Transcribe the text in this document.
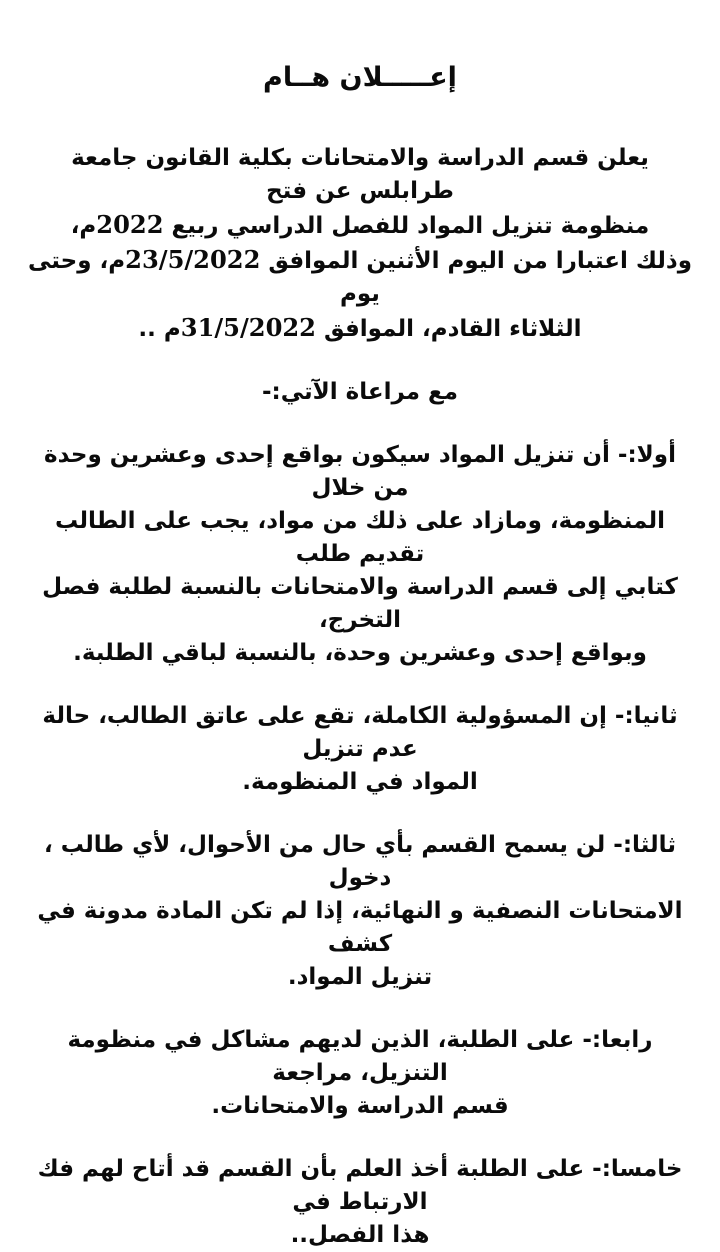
إعـــــلان هــام

يعلن قسم الدراسة والامتحانات بكلية القانون جامعة طرابلس عن فتح
منظومة تنزيل المواد للفصل الدراسي ربيع 2022م،
وذلك اعتبارا من اليوم الأثنين الموافق 23/5/2022م، وحتى يوم
الثلاثاء القادم، الموافق 31/5/2022م ..

مع مراعاة الآتي:-

أولا:- أن تنزيل المواد سيكون بواقع إحدى وعشرين وحدة من خلال
المنظومة، ومازاد على ذلك من مواد، يجب على الطالب تقديم طلب
كتابي إلى قسم الدراسة والامتحانات بالنسبة لطلبة فصل التخرج،
وبواقع إحدى وعشرين وحدة، بالنسبة لباقي الطلبة.

ثانيا:- إن المسؤولية الكاملة، تقع على عاتق الطالب، حالة عدم تنزيل
المواد في المنظومة.

ثالثا:- لن يسمح القسم بأي حال من الأحوال، لأي طالب ، دخول
الامتحانات النصفية و النهائية، إذا لم تكن المادة مدونة في كشف
تنزيل المواد.

رابعا:- على الطلبة، الذين لديهم مشاكل في منظومة التنزيل، مراجعة
قسم الدراسة والامتحانات.

خامسا:- على الطلبة أخذ العلم بأن القسم قد أتاح لهم فك الارتباط في
هذا الفصل..
